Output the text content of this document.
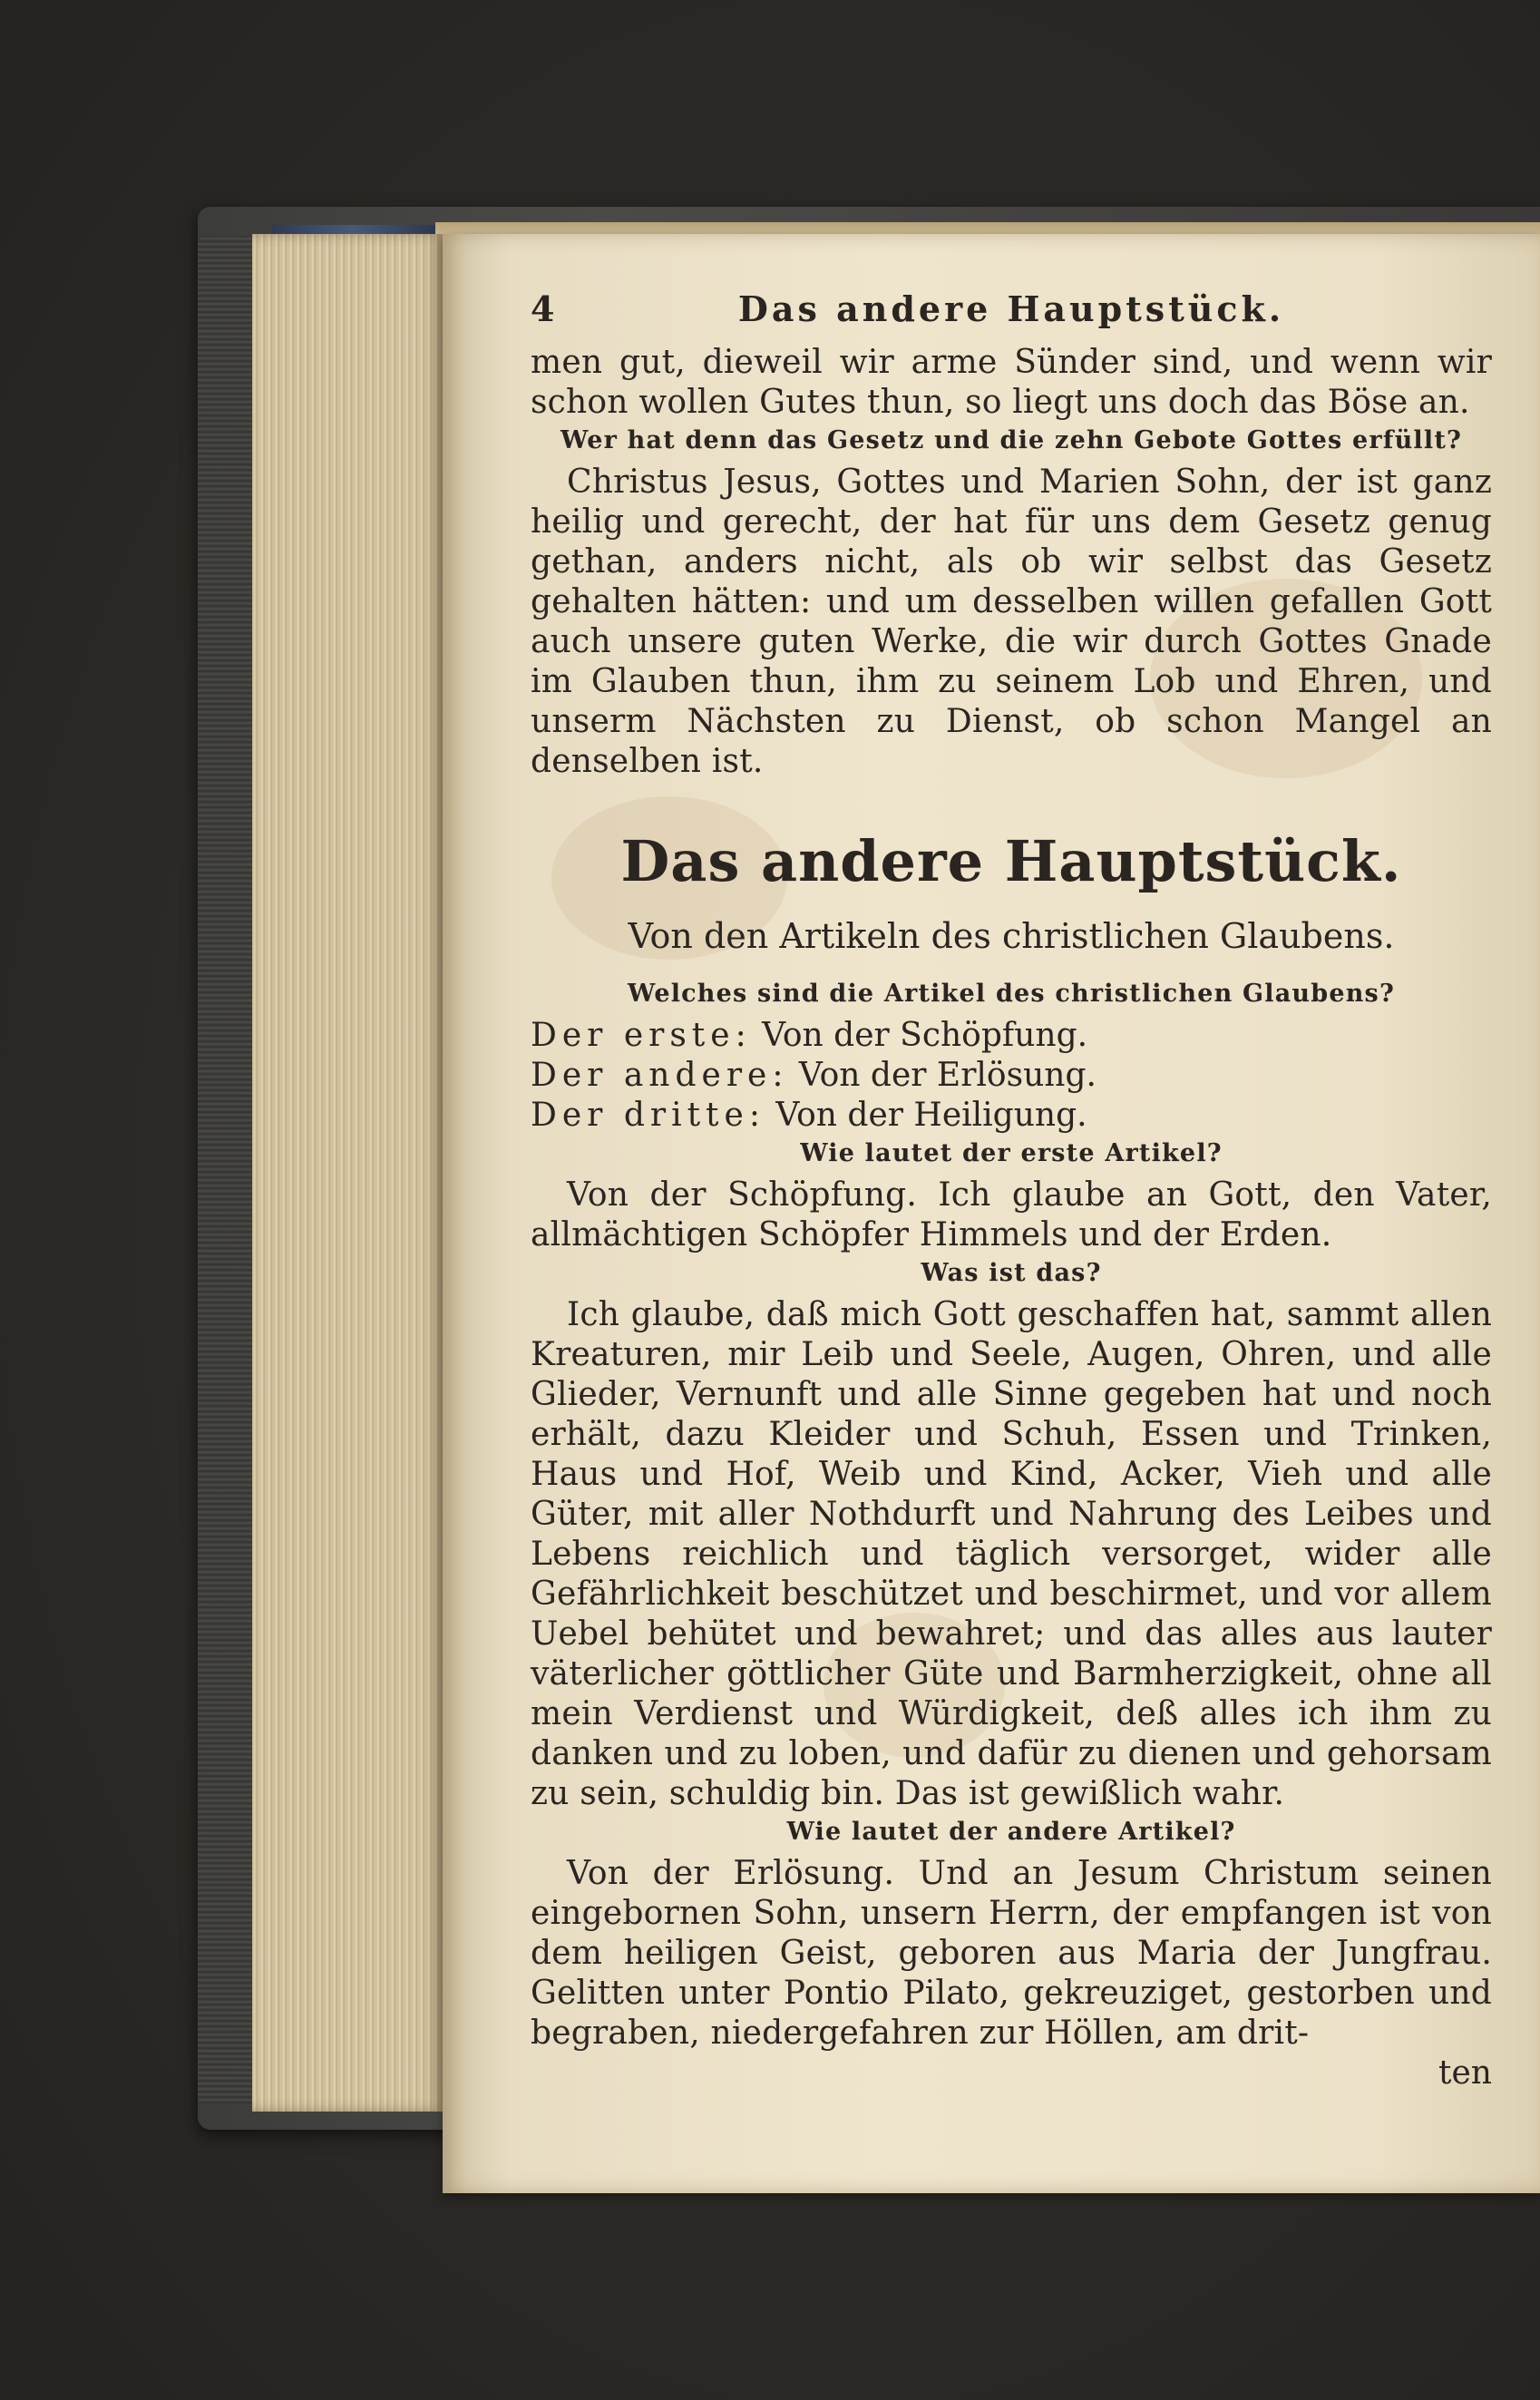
4	Das andere Hauptstück.

men gut, dieweil wir arme Sünder sind, und wenn wir schon wollen Gutes thun, so liegt uns doch das Böse an.

Wer hat denn das Gesetz und die zehn Gebote Gottes erfüllt?

Christus Jesus, Gottes und Marien Sohn, der ist ganz heilig und gerecht, der hat für uns dem Gesetz genug gethan, anders nicht, als ob wir selbst das Gesetz gehalten hätten: und um desselben willen gefallen Gott auch unsere guten Werke, die wir durch Gottes Gnade im Glauben thun, ihm zu seinem Lob und Ehren, und unserm Nächsten zu Dienst, ob schon Mangel an denselben ist.

Das andere Hauptstück.

Von den Artikeln des christlichen Glaubens.

Welches sind die Artikel des christlichen Glaubens?

Der erste: Von der Schöpfung.

Der andere: Von der Erlösung.

Der dritte: Von der Heiligung.

Wie lautet der erste Artikel?

Von der Schöpfung. Ich glaube an Gott, den Vater, allmächtigen Schöpfer Himmels und der Erden.

Was ist das?

Ich glaube, daß mich Gott geschaffen hat, sammt allen Kreaturen, mir Leib und Seele, Augen, Ohren, und alle Glieder, Vernunft und alle Sinne gegeben hat und noch erhält, dazu Kleider und Schuh, Essen und Trinken, Haus und Hof, Weib und Kind, Acker, Vieh und alle Güter, mit aller Nothdurft und Nahrung des Leibes und Lebens reichlich und täglich versorget, wider alle Gefährlichkeit beschützet und beschirmet, und vor allem Uebel behütet und bewahret; und das alles aus lauter väterlicher göttlicher Güte und Barmherzigkeit, ohne all mein Verdienst und Würdigkeit, deß alles ich ihm zu danken und zu loben, und dafür zu dienen und gehorsam zu sein, schuldig bin. Das ist gewißlich wahr.

Wie lautet der andere Artikel?

Von der Erlösung. Und an Jesum Christum seinen eingebornen Sohn, unsern Herrn, der empfangen ist von dem heiligen Geist, geboren aus Maria der Jungfrau. Gelitten unter Pontio Pilato, gekreuziget, gestorben und begraben, niedergefahren zur Höllen, am drit-

ten
